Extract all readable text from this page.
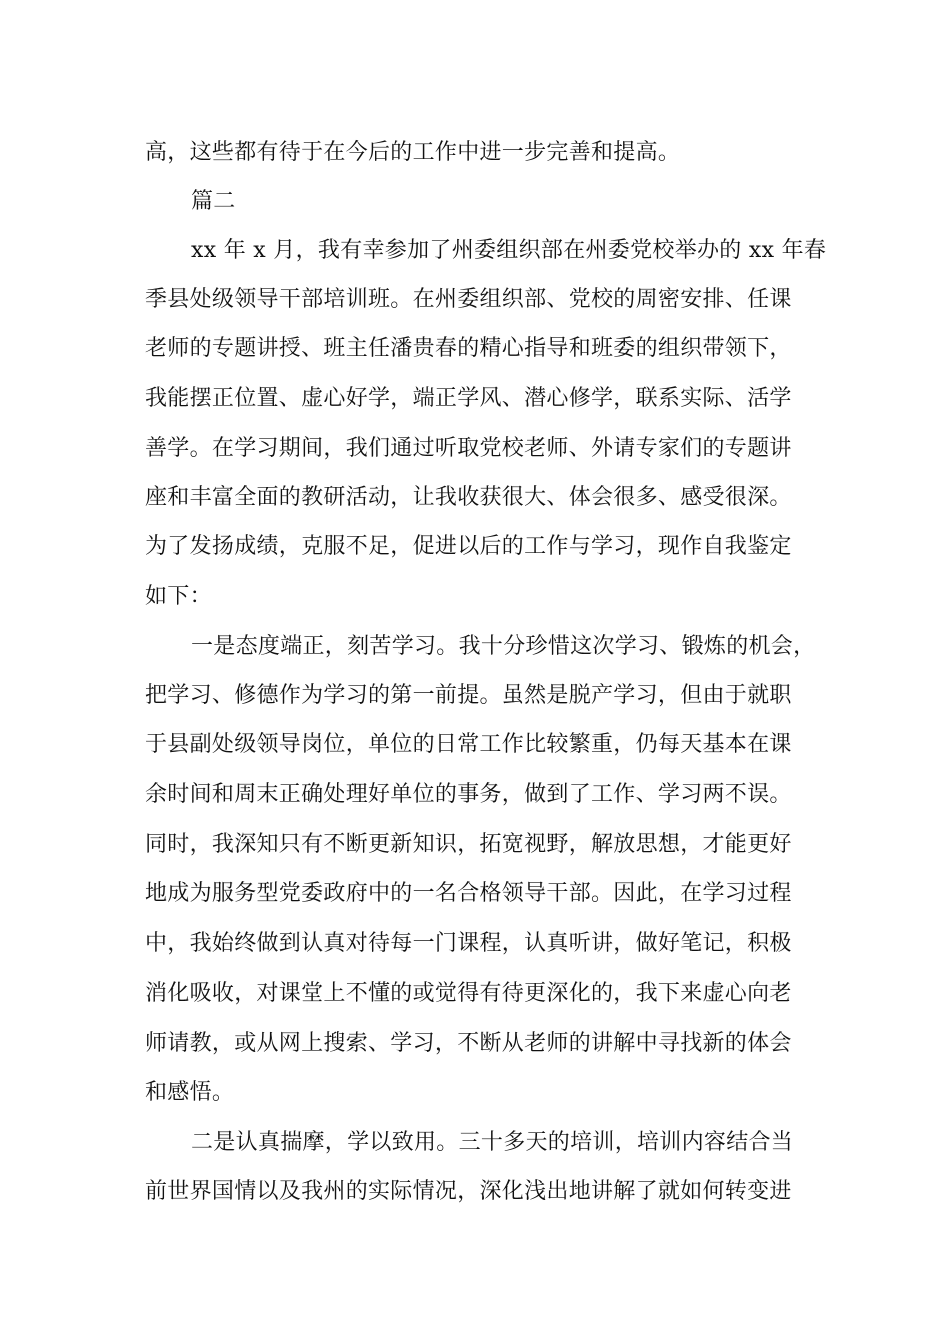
高，这些都有待于在今后的工作中进一步完善和提高。
篇二
xx 年 x 月，我有幸参加了州委组织部在州委党校举办的 xx 年春
季县处级领导干部培训班。在州委组织部、党校的周密安排、任课
老师的专题讲授、班主任潘贵春的精心指导和班委的组织带领下，
我能摆正位置、虚心好学，端正学风、潜心修学，联系实际、活学
善学。在学习期间，我们通过听取党校老师、外请专家们的专题讲
座和丰富全面的教研活动，让我收获很大、体会很多、感受很深。
为了发扬成绩，克服不足，促进以后的工作与学习，现作自我鉴定
如下：
一是态度端正，刻苦学习。我十分珍惜这次学习、锻炼的机会，
把学习、修德作为学习的第一前提。虽然是脱产学习，但由于就职
于县副处级领导岗位，单位的日常工作比较繁重，仍每天基本在课
余时间和周末正确处理好单位的事务，做到了工作、学习两不误。
同时，我深知只有不断更新知识，拓宽视野，解放思想，才能更好
地成为服务型党委政府中的一名合格领导干部。因此，在学习过程
中，我始终做到认真对待每一门课程，认真听讲，做好笔记，积极
消化吸收，对课堂上不懂的或觉得有待更深化的，我下来虚心向老
师请教，或从网上搜索、学习，不断从老师的讲解中寻找新的体会
和感悟。
二是认真揣摩，学以致用。三十多天的培训，培训内容结合当
前世界国情以及我州的实际情况，深化浅出地讲解了就如何转变进
